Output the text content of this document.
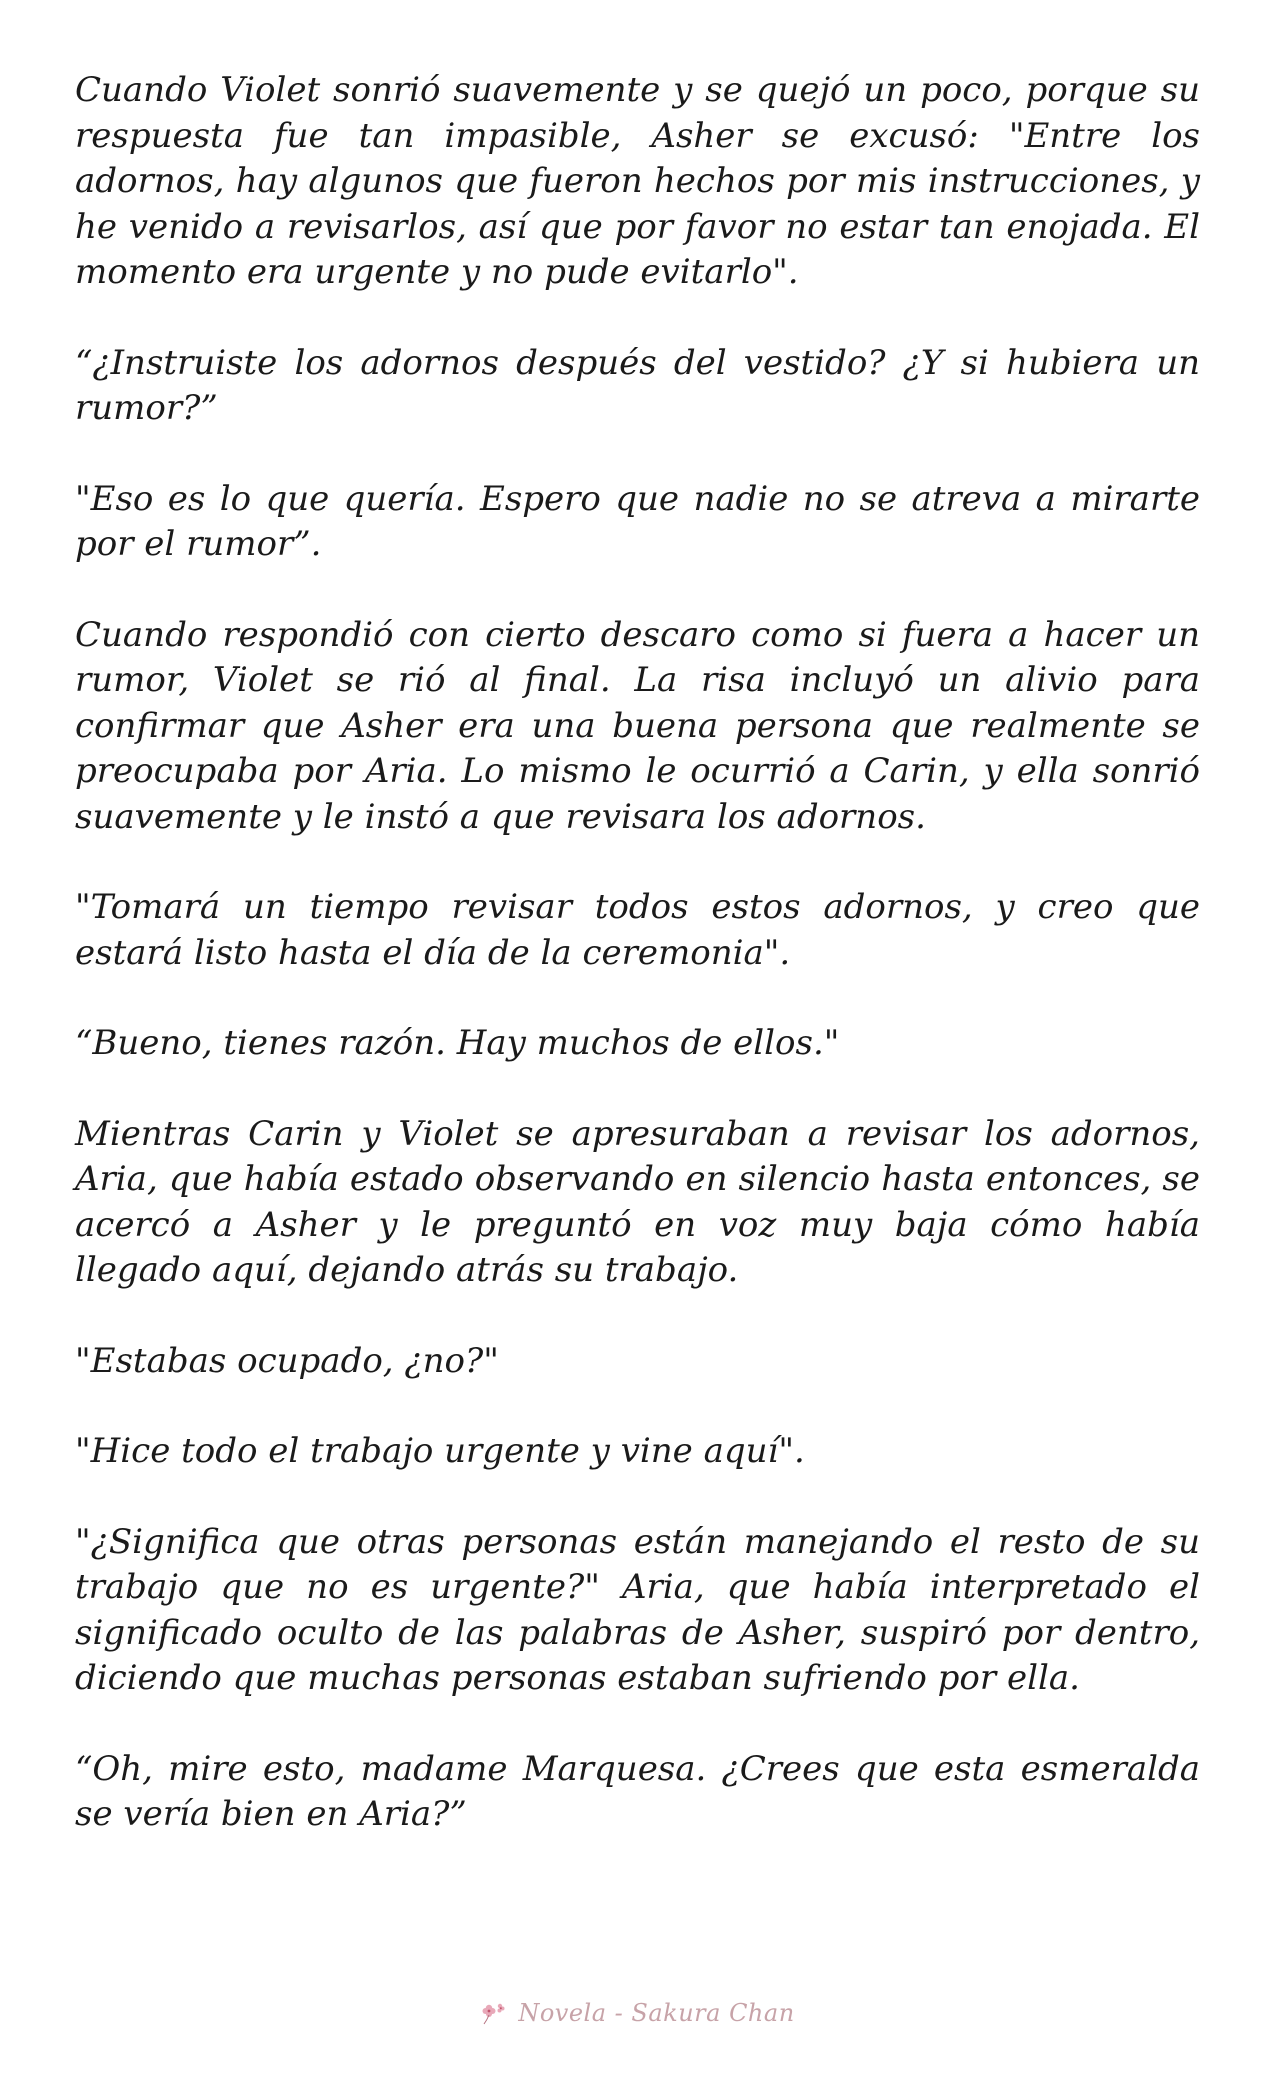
Cuando Violet sonrió suavemente y se quejó un poco, porque su respuesta fue tan impasible, Asher se excusó: "Entre los adornos, hay algunos que fueron hechos por mis instrucciones, y he venido a revisarlos, así que por favor no estar tan enojada. El momento era urgente y no pude evitarlo".

“¿Instruiste los adornos después del vestido? ¿Y si hubiera un rumor?”

"Eso es lo que quería. Espero que nadie no se atreva a mirarte por el rumor”.

Cuando respondió con cierto descaro como si fuera a hacer un rumor, Violet se rió al final. La risa incluyó un alivio para confirmar que Asher era una buena persona que realmente se preocupaba por Aria. Lo mismo le ocurrió a Carin, y ella sonrió suavemente y le instó a que revisara los adornos.

"Tomará un tiempo revisar todos estos adornos, y creo que estará listo hasta el día de la ceremonia".

“Bueno, tienes razón. Hay muchos de ellos."

Mientras Carin y Violet se apresuraban a revisar los adornos, Aria, que había estado observando en silencio hasta entonces, se acercó a Asher y le preguntó en voz muy baja cómo había llegado aquí, dejando atrás su trabajo.

"Estabas ocupado, ¿no?"

"Hice todo el trabajo urgente y vine aquí".

"¿Significa que otras personas están manejando el resto de su trabajo que no es urgente?" Aria, que había interpretado el significado oculto de las palabras de Asher, suspiró por dentro, diciendo que muchas personas estaban sufriendo por ella.

“Oh, mire esto, madame Marquesa. ¿Crees que esta esmeralda se vería bien en Aria?”

Novela - Sakura Chan
